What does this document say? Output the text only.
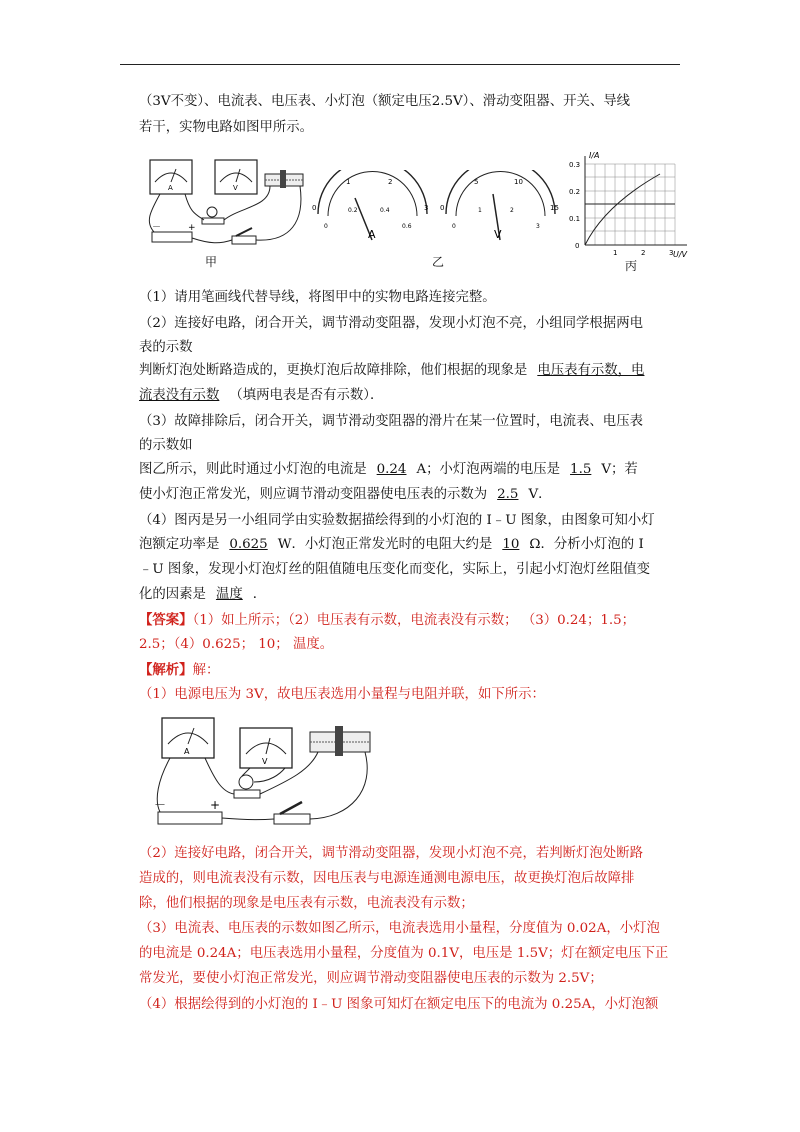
（3V不变）、电流表、电压表、小灯泡（额定电压2.5V）、滑动变阻器、开关、导线
若干，实物电路如图甲所示。
A	V
－	+
甲
0
1	2
3
0
0.2	0.4
0.6
A
0
5	10
15
0
1	2
3
V
乙
I/A
U/V
0
0.1
0.2
0.3
1	2	3
丙
（1）请用笔画线代替导线，将图甲中的实物电路连接完整。
（2）连接好电路，闭合开关，调节滑动变阻器，发现小灯泡不亮，小组同学根据两电
表的示数
判断灯泡处断路造成的，更换灯泡后故障排除，他们根据的现象是 电压表有示数，电
流表没有示数 （填两电表是否有示数）．
（3）故障排除后，闭合开关，调节滑动变阻器的滑片在某一位置时，电流表、电压表
的示数如
图乙所示，则此时通过小灯泡的电流是 0.24 A；小灯泡两端的电压是 1.5 V；若
使小灯泡正常发光，则应调节滑动变阻器使电压表的示数为 2.5 V．
（4）图丙是另一小组同学由实验数据描绘得到的小灯泡的 I﹣U 图象，由图象可知小灯
泡额定功率是 0.625 W．小灯泡正常发光时的电阻大约是 10 Ω．分析小灯泡的 I
﹣U 图象，发现小灯泡灯丝的阻值随电压变化而变化，实际上，引起小灯泡灯丝阻值变
化的因素是 温度 ．
【答案】（1）如上所示；（2）电压表有示数，电流表没有示数； （3）0.24；1.5；
2.5；（4）0.625； 10； 温度。
【解析】解：
（1）电源电压为 3V，故电压表选用小量程与电阻并联，如下所示：
A
V
－	+
（2）连接好电路，闭合开关，调节滑动变阻器，发现小灯泡不亮，若判断灯泡处断路
造成的，则电流表没有示数，因电压表与电源连通测电源电压，故更换灯泡后故障排
除，他们根据的现象是电压表有示数，电流表没有示数；
（3）电流表、电压表的示数如图乙所示，电流表选用小量程，分度值为 0.02A，小灯泡
的电流是 0.24A；电压表选用小量程，分度值为 0.1V，电压是 1.5V；灯在额定电压下正
常发光，要使小灯泡正常发光，则应调节滑动变阻器使电压表的示数为 2.5V；
（4）根据绘得到的小灯泡的 I﹣U 图象可知灯在额定电压下的电流为 0.25A，小灯泡额
